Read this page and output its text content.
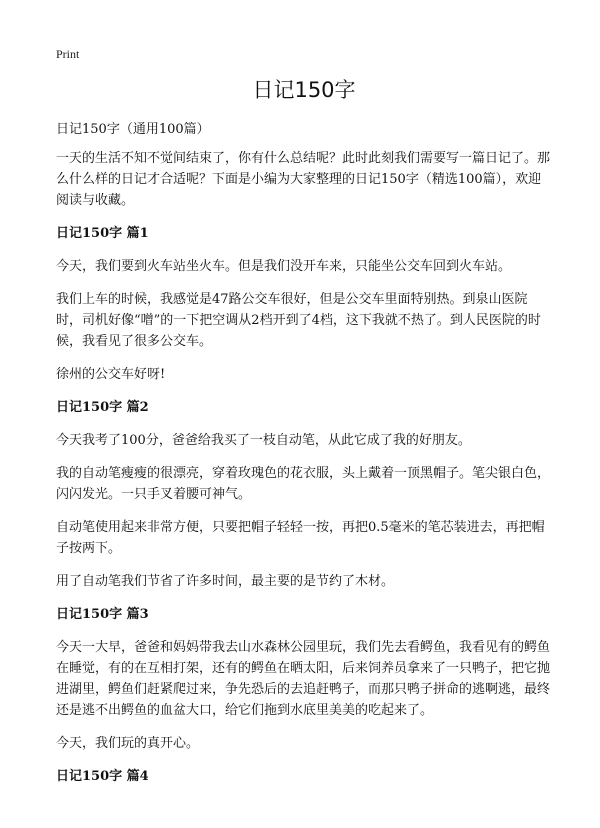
Print
日记150字
日记150字（通用100篇）

一天的生活不知不觉间结束了，你有什么总结呢？此时此刻我们需要写一篇日记了。那么什么样的日记才合适呢？下面是小编为大家整理的日记150字（精选100篇），欢迎阅读与收藏。

日记150字 篇1

今天，我们要到火车站坐火车。但是我们没开车来，只能坐公交车回到火车站。

我们上车的时候，我感觉是47路公交车很好，但是公交车里面特别热。到泉山医院时，司机好像“噌”的一下把空调从2档开到了4档，这下我就不热了。到人民医院的时候，我看见了很多公交车。

徐州的公交车好呀!

日记150字 篇2

今天我考了100分，爸爸给我买了一枝自动笔，从此它成了我的好朋友。

我的自动笔瘦瘦的很漂亮，穿着玫瑰色的花衣服，头上戴着一顶黑帽子。笔尖银白色，闪闪发光。一只手叉着腰可神气。

自动笔使用起来非常方便，只要把帽子轻轻一按，再把0.5毫米的笔芯装进去，再把帽子按两下。

用了自动笔我们节省了许多时间，最主要的是节约了木材。

日记150字 篇3

今天一大早，爸爸和妈妈带我去山水森林公园里玩，我们先去看鳄鱼，我看见有的鳄鱼在睡觉，有的在互相打架，还有的鳄鱼在晒太阳，后来饲养员拿来了一只鸭子，把它抛进湖里，鳄鱼们赶紧爬过来，争先恐后的去追赶鸭子，而那只鸭子拼命的逃啊逃，最终还是逃不出鳄鱼的血盆大口，给它们拖到水底里美美的吃起来了。

今天，我们玩的真开心。

日记150字 篇4
